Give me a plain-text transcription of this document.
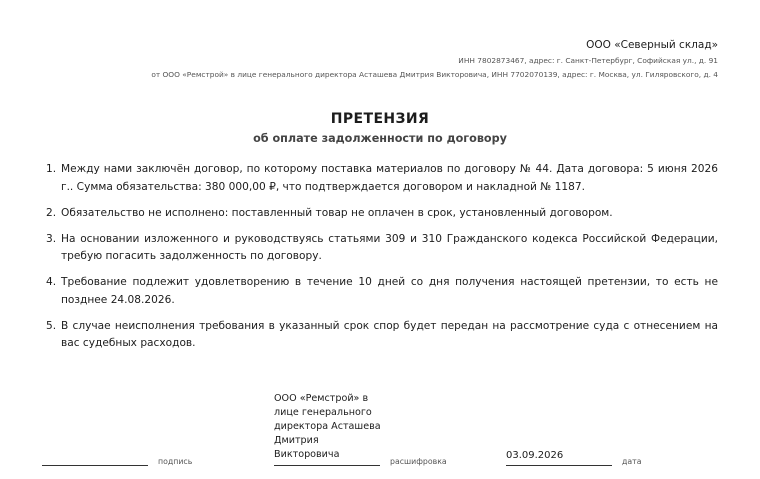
ООО «Северный склад»
ИНН 7802873467, адрес: г. Санкт-Петербург, Софийская ул., д. 91
от ООО «Ремстрой» в лице генерального директора Асташева Дмитрия Викторовича, ИНН 7702070139, адрес: г. Москва, ул. Гиляровского, д. 4
ПРЕТЕНЗИЯ
об оплате задолженности по договору
1. Между нами заключён договор, по которому поставка материалов по договору № 44. Дата договора: 5 июня 2026 г.. Сумма обязательства: 380 000,00 ₽, что подтверждается договором и накладной № 1187.
2. Обязательство не исполнено: поставленный товар не оплачен в срок, установленный договором.
3. На основании изложенного и руководствуясь статьями 309 и 310 Гражданского кодекса Российской Федерации, требую погасить задолженность по договору.
4. Требование подлежит удовлетворению в течение 10 дней со дня получения настоящей претензии, то есть не позднее 24.08.2026.
5. В случае неисполнения требования в указанный срок спор будет передан на рассмотрение суда с отнесением на вас судебных расходов.
подпись
ООО «Ремстрой» в лице генерального директора Асташева Дмитрия Викторовича
расшифровка
03.09.2026
дата
